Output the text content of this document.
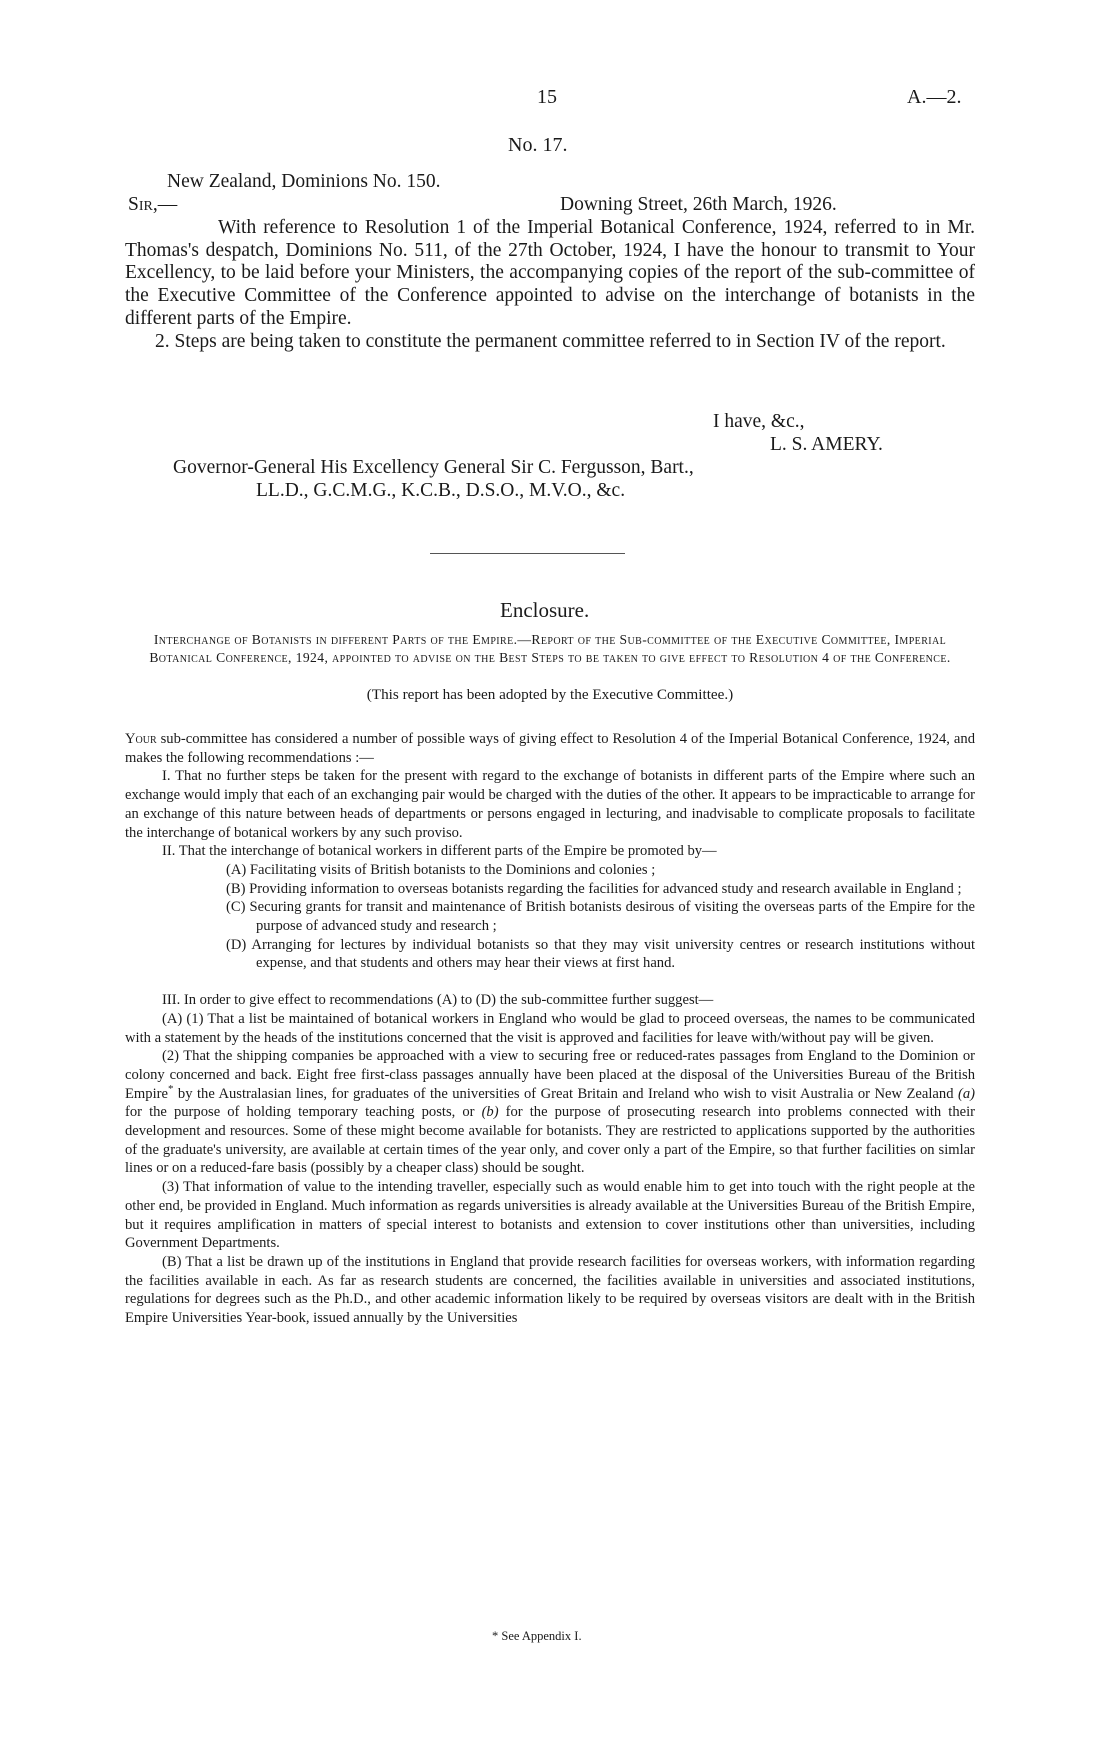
15	A.—2.
No. 17.
New Zealand, Dominions No. 150.
Sir,—	Downing Street, 26th March, 1926.

With reference to Resolution 1 of the Imperial Botanical Conference, 1924, referred to in Mr. Thomas's despatch, Dominions No. 511, of the 27th October, 1924, I have the honour to transmit to Your Excellency, to be laid before your Ministers, the accompanying copies of the report of the sub-committee of the Executive Committee of the Conference appointed to advise on the interchange of botanists in the different parts of the Empire.

2. Steps are being taken to constitute the permanent committee referred to in Section IV of the report.

I have, &c.,
L. S. AMERY.
Governor-General His Excellency General Sir C. Fergusson, Bart.,
LL.D., G.C.M.G., K.C.B., D.S.O., M.V.O., &c.
Enclosure.
Interchange of Botanists in different Parts of the Empire.—Report of the Sub-committee of the Executive Committee, Imperial Botanical Conference, 1924, appointed to advise on the Best Steps to be taken to give effect to Resolution 4 of the Conference.
(This report has been adopted by the Executive Committee.)

Your sub-committee has considered a number of possible ways of giving effect to Resolution 4 of the Imperial Botanical Conference, 1924, and makes the following recommendations :—

I. That no further steps be taken for the present with regard to the exchange of botanists in different parts of the Empire where such an exchange would imply that each of an exchanging pair would be charged with the duties of the other. It appears to be impracticable to arrange for an exchange of this nature between heads of departments or persons engaged in lecturing, and inadvisable to complicate proposals to facilitate the interchange of botanical workers by any such proviso.

II. That the interchange of botanical workers in different parts of the Empire be promoted by—

(A) Facilitating visits of British botanists to the Dominions and colonies ;

(B) Providing information to overseas botanists regarding the facilities for advanced study and research available in England ;

(C) Securing grants for transit and maintenance of British botanists desirous of visiting the overseas parts of the Empire for the purpose of advanced study and research ;

(D) Arranging for lectures by individual botanists so that they may visit university centres or research institutions without expense, and that students and others may hear their views at first hand.

III. In order to give effect to recommendations (A) to (D) the sub-committee further suggest—

(A) (1) That a list be maintained of botanical workers in England who would be glad to proceed overseas, the names to be communicated with a statement by the heads of the institutions concerned that the visit is approved and facilities for leave with/without pay will be given.

(2) That the shipping companies be approached with a view to securing free or reduced-rates passages from England to the Dominion or colony concerned and back. Eight free first-class passages annually have been placed at the disposal of the Universities Bureau of the British Empire* by the Australasian lines, for graduates of the universities of Great Britain and Ireland who wish to visit Australia or New Zealand (a) for the purpose of holding temporary teaching posts, or (b) for the purpose of prosecuting research into problems connected with their development and resources. Some of these might become available for botanists. They are restricted to applications supported by the authorities of the graduate's university, are available at certain times of the year only, and cover only a part of the Empire, so that further facilities on simlar lines or on a reduced-fare basis (possibly by a cheaper class) should be sought.

(3) That information of value to the intending traveller, especially such as would enable him to get into touch with the right people at the other end, be provided in England. Much information as regards universities is already available at the Universities Bureau of the British Empire, but it requires amplification in matters of special interest to botanists and extension to cover institutions other than universities, including Government Departments.

(B) That a list be drawn up of the institutions in England that provide research facilities for overseas workers, with information regarding the facilities available in each. As far as research students are concerned, the facilities available in universities and associated institutions, regulations for degrees such as the Ph.D., and other academic information likely to be required by overseas visitors are dealt with in the British Empire Universities Year-book, issued annually by the Universities

* See Appendix I.
